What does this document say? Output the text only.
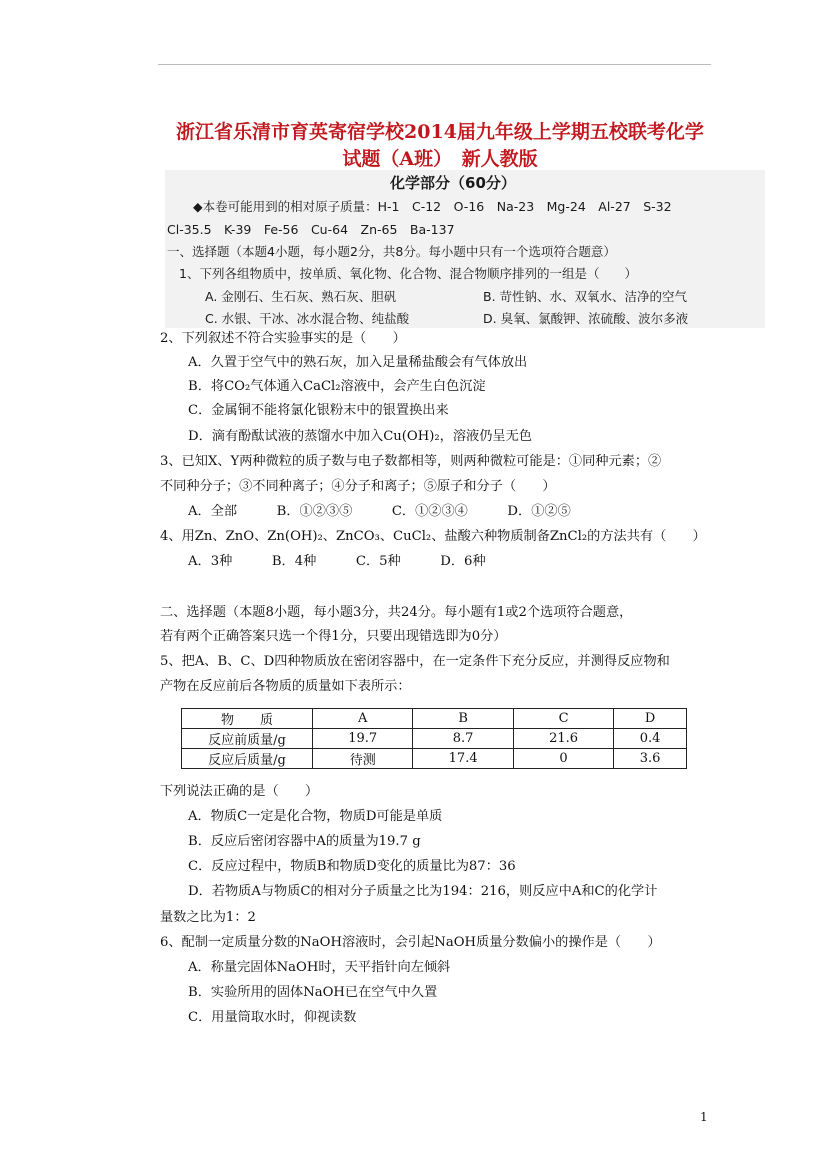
浙江省乐清市育英寄宿学校2014届九年级上学期五校联考化学
试题（A班）　新人教版
化学部分（60分）
◆本卷可能用到的相对原子质量：H-1　C-12　O-16　Na-23　Mg-24　Al-27　S-32
Cl-35.5　K-39　Fe-56　Cu-64　Zn-65　Ba-137
一、选择题（本题4小题，每小题2分，共8分。每小题中只有一个选项符合题意）
1、下列各组物质中，按单质、氧化物、化合物、混合物顺序排列的一组是（　　）
A. 金刚石、生石灰、熟石灰、胆矾	B. 苛性钠、水、双氧水、洁净的空气
C. 水银、干冰、冰水混合物、纯盐酸	D. 臭氧、氯酸钾、浓硫酸、波尔多液
2、下列叙述不符合实验事实的是（　　）
A．久置于空气中的熟石灰，加入足量稀盐酸会有气体放出
B．将CO₂气体通入CaCl₂溶液中，会产生白色沉淀
C．金属铜不能将氯化银粉末中的银置换出来
D．滴有酚酞试液的蒸馏水中加入Cu(OH)₂，溶液仍呈无色
3、已知X、Y两种微粒的质子数与电子数都相等，则两种微粒可能是：①同种元素；②
不同种分子；③不同种离子；④分子和离子；⑤原子和分子（　　）
A．全部　　　B．①②③⑤　　　C．①②③④　　　D．①②⑤
4、用Zn、ZnO、Zn(OH)₂、ZnCO₃、CuCl₂、盐酸六种物质制备ZnCl₂的方法共有（　　）
A．3种　　　B．4种　　　C．5种　　　D．6种
二、选择题（本题8小题，每小题3分，共24分。每小题有1或2个选项符合题意，
若有两个正确答案只选一个得1分，只要出现错选即为0分）
5、把A、B、C、D四种物质放在密闭容器中，在一定条件下充分反应，并测得反应物和
产物在反应前后各物质的质量如下表所示：
物　　质	A	B	C	D
反应前质量/g	19.7	8.7	21.6	0.4
反应后质量/g	待测	17.4	0	3.6
下列说法正确的是（　　）
A．物质C一定是化合物，物质D可能是单质
B．反应后密闭容器中A的质量为19.7 g
C．反应过程中，物质B和物质D变化的质量比为87：36
D．若物质A与物质C的相对分子质量之比为194：216，则反应中A和C的化学计
量数之比为1：2
6、配制一定质量分数的NaOH溶液时，会引起NaOH质量分数偏小的操作是（　　）
A．称量完固体NaOH时，天平指针向左倾斜
B．实验所用的固体NaOH已在空气中久置
C．用量筒取水时，仰视读数
1
